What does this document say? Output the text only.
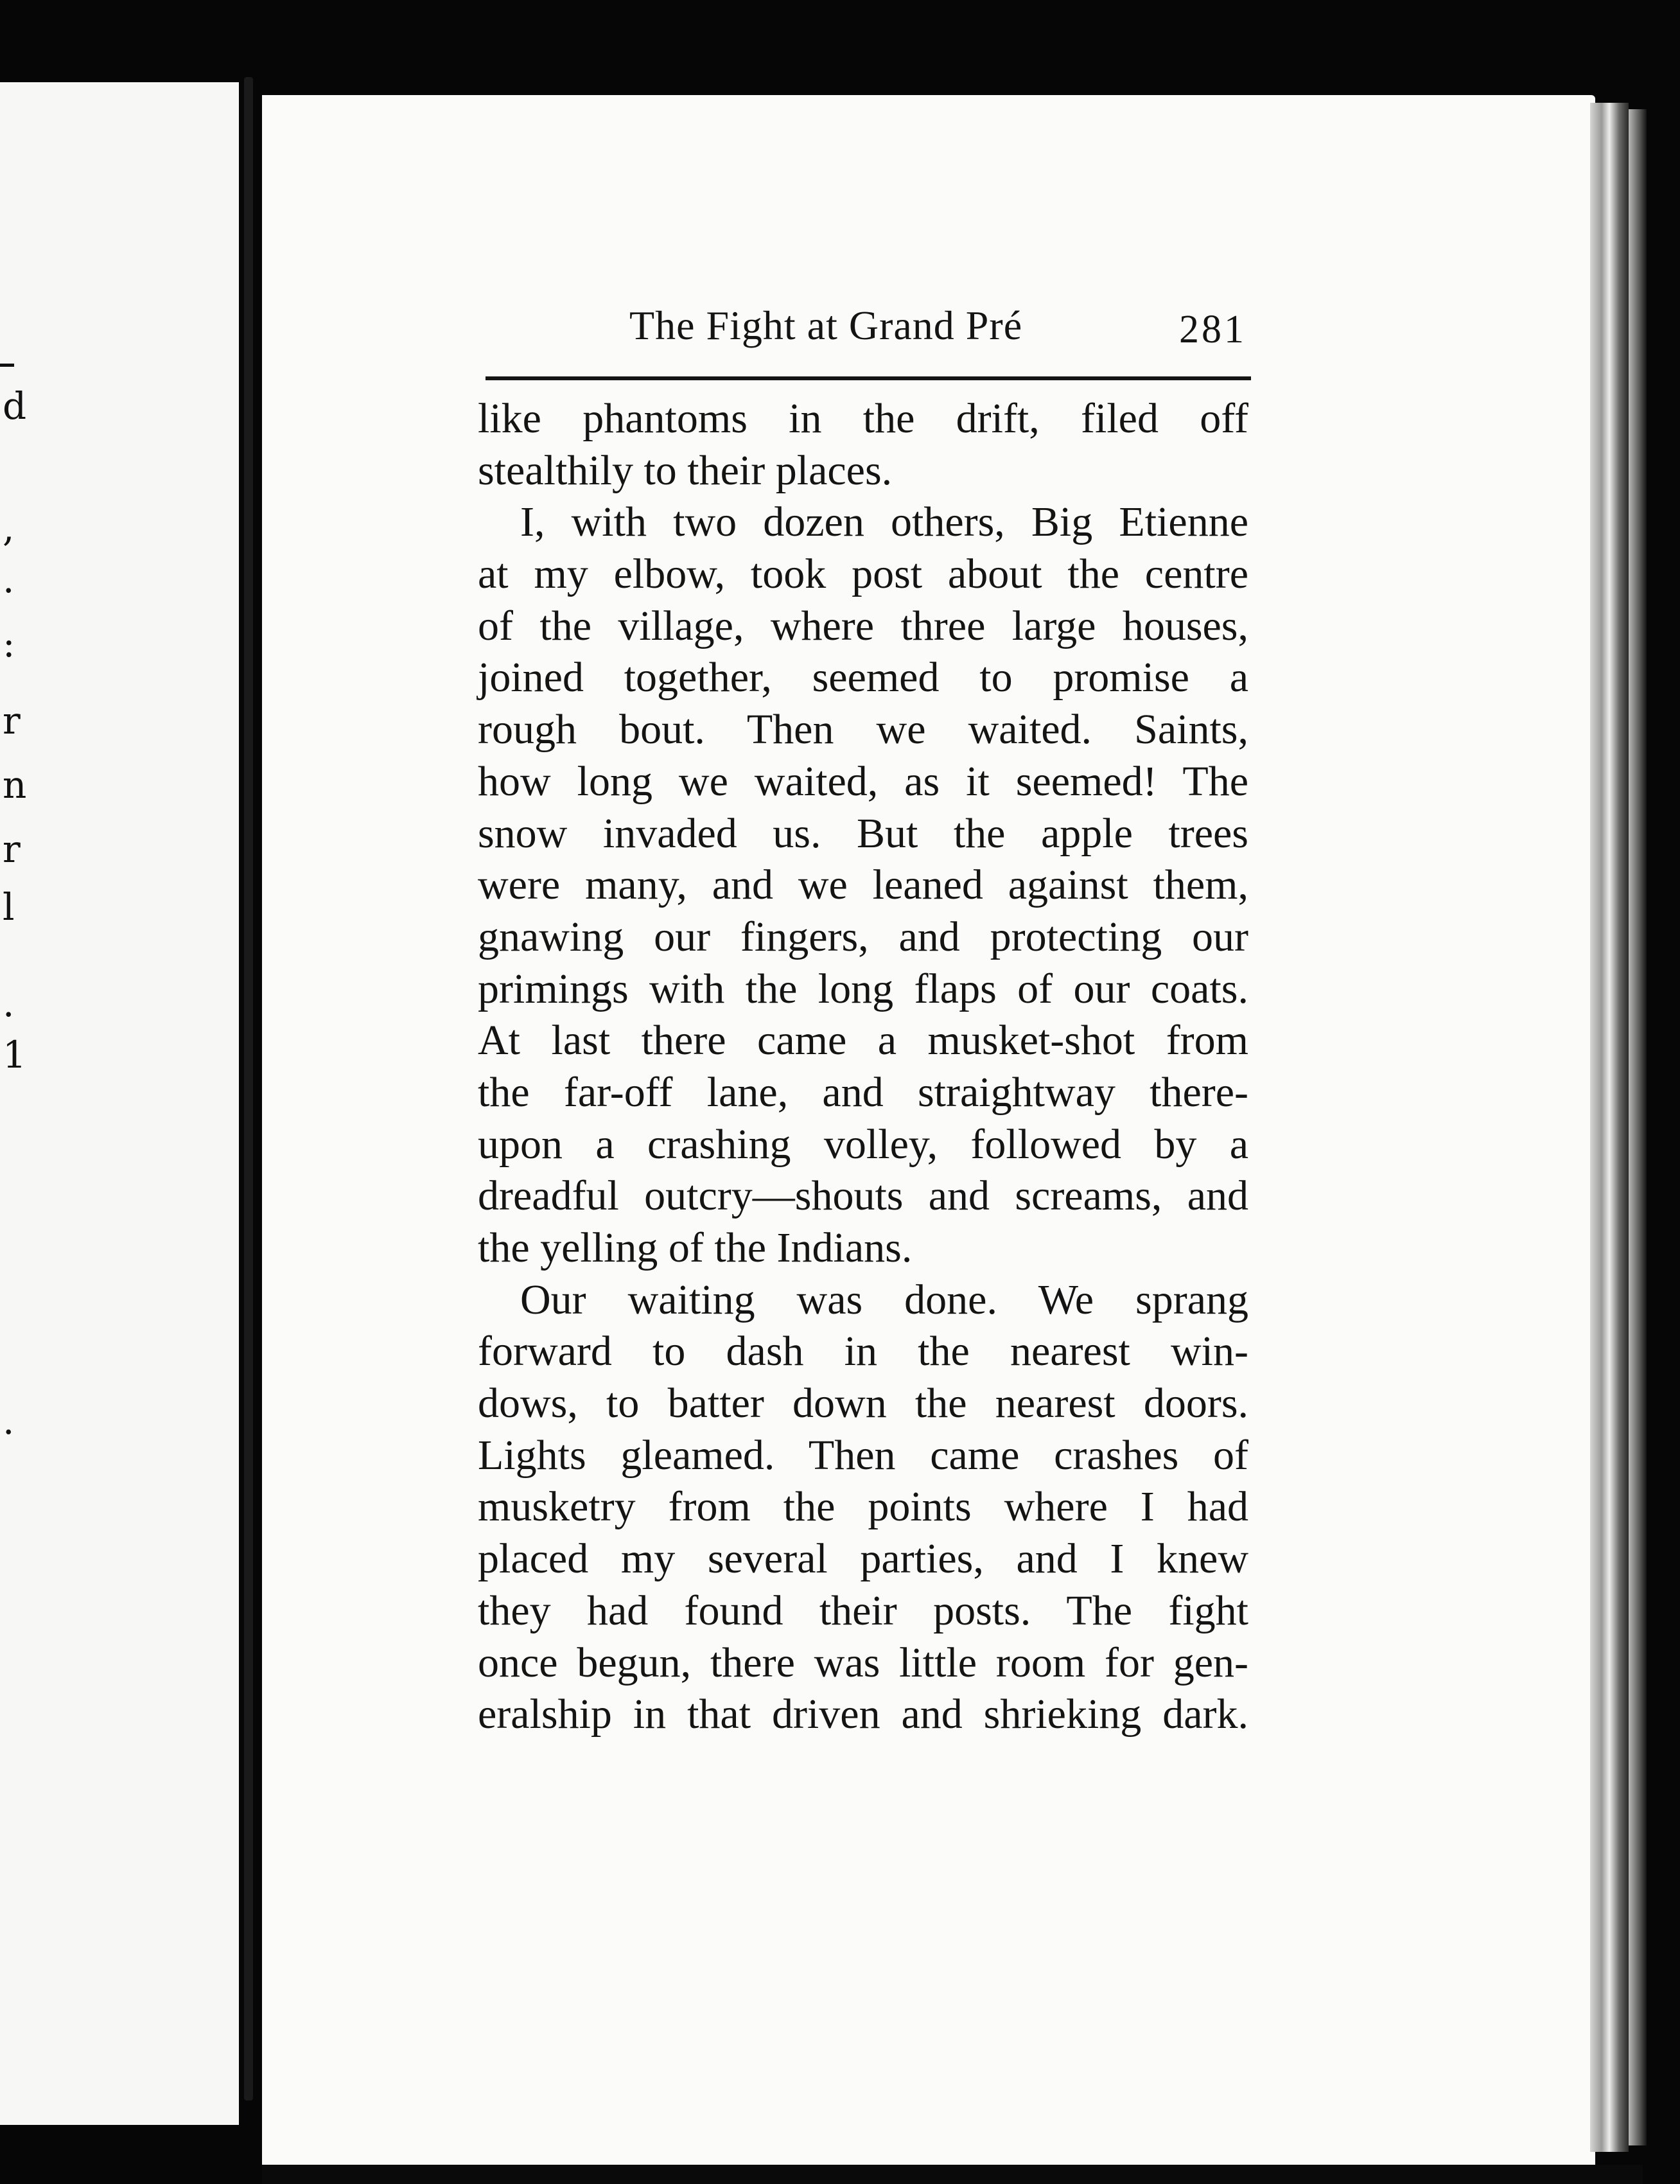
d
,
.
:
r
n
r
l
.
1
.
The Fight at Grand Pré	281
like phantoms in the drift, filed off
stealthily to their places.
I, with two dozen others, Big Etienne
at my elbow, took post about the centre
of the village, where three large houses,
joined together, seemed to promise a
rough bout. Then we waited. Saints,
how long we waited, as it seemed! The
snow invaded us. But the apple trees
were many, and we leaned against them,
gnawing our fingers, and protecting our
primings with the long flaps of our coats.
At last there came a musket-shot from
the far-off lane, and straightway there-
upon a crashing volley, followed by a
dreadful outcry—shouts and screams, and
the yelling of the Indians.
Our waiting was done. We sprang
forward to dash in the nearest win-
dows, to batter down the nearest doors.
Lights gleamed. Then came crashes of
musketry from the points where I had
placed my several parties, and I knew
they had found their posts. The fight
once begun, there was little room for gen-
eralship in that driven and shrieking dark.
